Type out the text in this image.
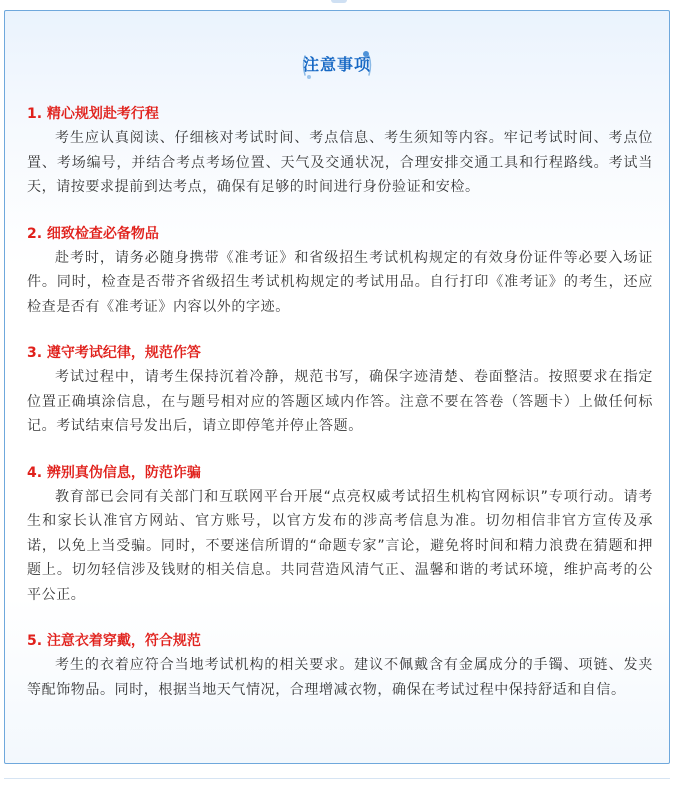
注意事项
1. 精心规划赴考行程

考生应认真阅读、仔细核对考试时间、考点信息、考生须知等内容。牢记考试时间、考点位置、考场编号，并结合考点考场位置、天气及交通状况，合理安排交通工具和行程路线。考试当天，请按要求提前到达考点，确保有足够的时间进行身份验证和安检。

2. 细致检查必备物品

赴考时，请务必随身携带《准考证》和省级招生考试机构规定的有效身份证件等必要入场证件。同时，检查是否带齐省级招生考试机构规定的考试用品。自行打印《准考证》的考生，还应检查是否有《准考证》内容以外的字迹。

3. 遵守考试纪律，规范作答

考试过程中，请考生保持沉着冷静，规范书写，确保字迹清楚、卷面整洁。按照要求在指定位置正确填涂信息，在与题号相对应的答题区域内作答。注意不要在答卷（答题卡）上做任何标记。考试结束信号发出后，请立即停笔并停止答题。

4. 辨别真伪信息，防范诈骗

教育部已会同有关部门和互联网平台开展“点亮权威考试招生机构官网标识”专项行动。请考生和家长认准官方网站、官方账号，以官方发布的涉高考信息为准。切勿相信非官方宣传及承诺，以免上当受骗。同时，不要迷信所谓的“命题专家”言论，避免将时间和精力浪费在猜题和押题上。切勿轻信涉及钱财的相关信息。共同营造风清气正、温馨和谐的考试环境，维护高考的公平公正。

5. 注意衣着穿戴，符合规范

考生的衣着应符合当地考试机构的相关要求。建议不佩戴含有金属成分的手镯、项链、发夹等配饰物品。同时，根据当地天气情况，合理增减衣物，确保在考试过程中保持舒适和自信。
